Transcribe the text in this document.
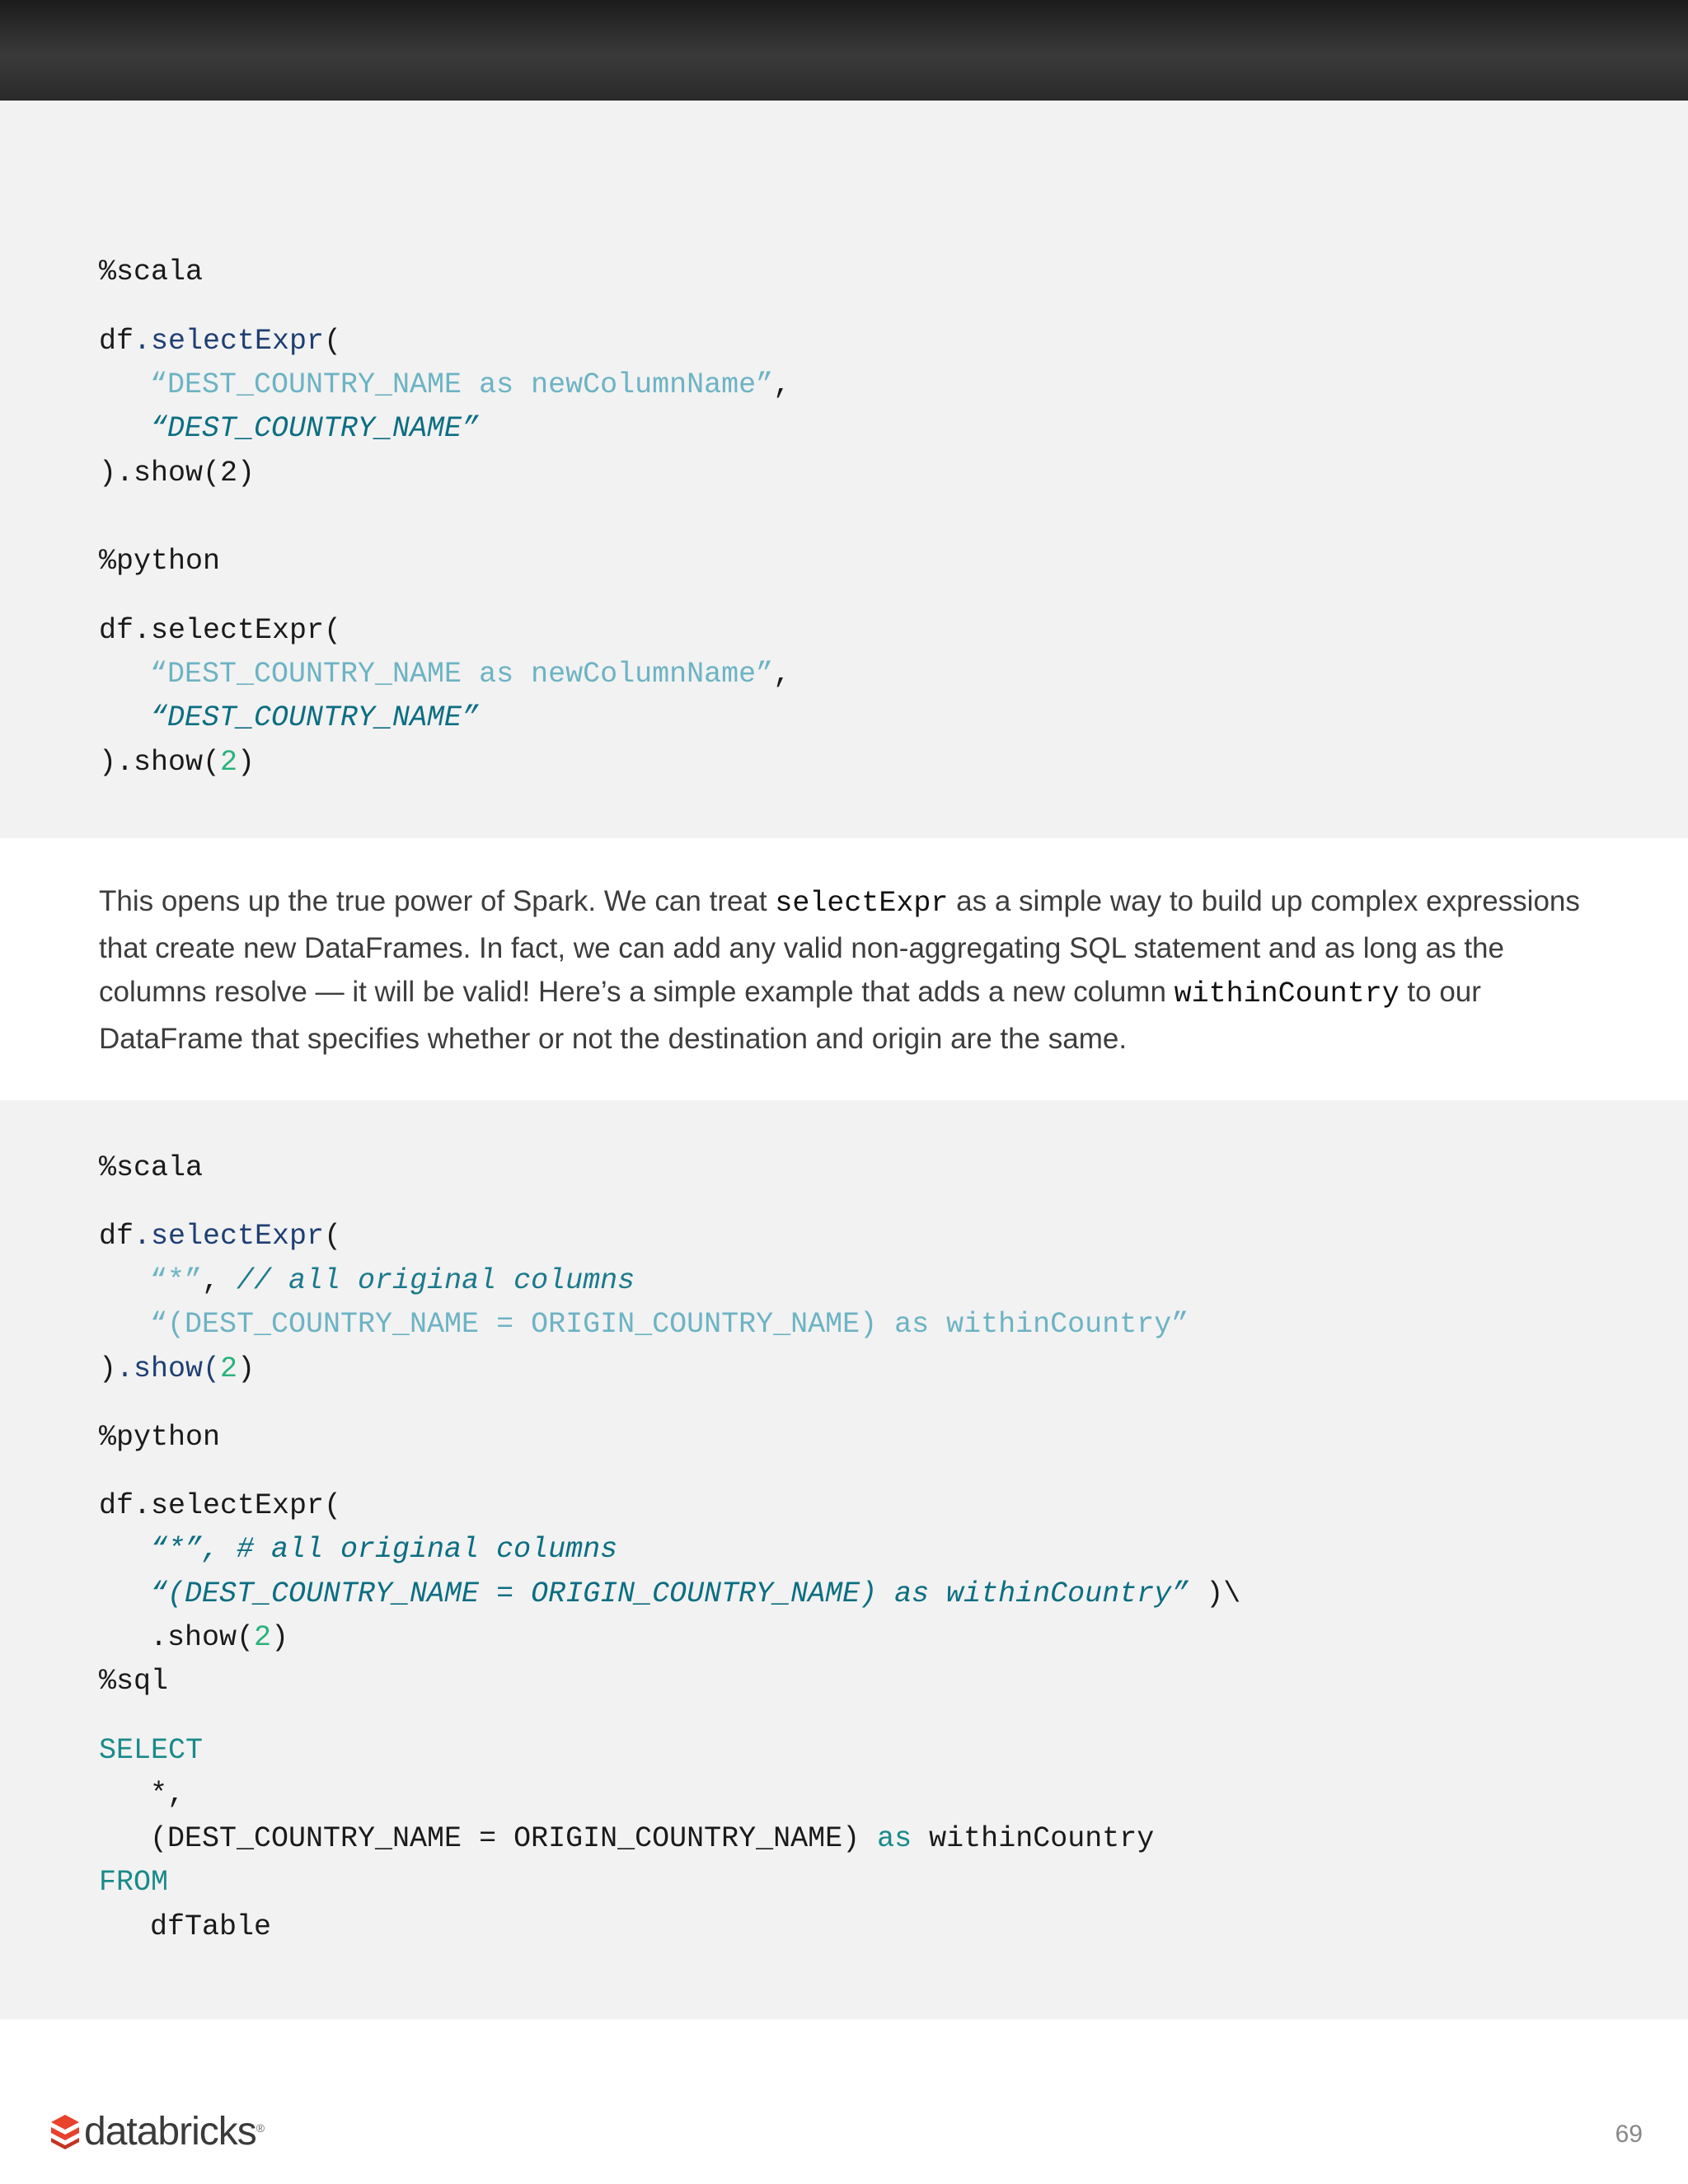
%scala
df.selectExpr(
“DEST_COUNTRY_NAME as newColumnName”,
“DEST_COUNTRY_NAME”
).show(2)
%python
df.selectExpr(
“DEST_COUNTRY_NAME as newColumnName”,
“DEST_COUNTRY_NAME”
).show(2)
This opens up the true power of Spark. We can treat selectExpr as a simple way to build up complex expressions that create new DataFrames. In fact, we can add any valid non-aggregating SQL statement and as long as the columns resolve — it will be valid! Here’s a simple example that adds a new column withinCountry to our DataFrame that specifies whether or not the destination and origin are the same.
%scala
df.selectExpr(
“*”, // all original columns
“(DEST_COUNTRY_NAME = ORIGIN_COUNTRY_NAME) as withinCountry”
).show(2)
%python
df.selectExpr(
“*”, # all original columns
“(DEST_COUNTRY_NAME = ORIGIN_COUNTRY_NAME) as withinCountry” )\
.show(2)
%sql
SELECT
*,
(DEST_COUNTRY_NAME = ORIGIN_COUNTRY_NAME) as withinCountry
FROM
dfTable
databricks ®	69
